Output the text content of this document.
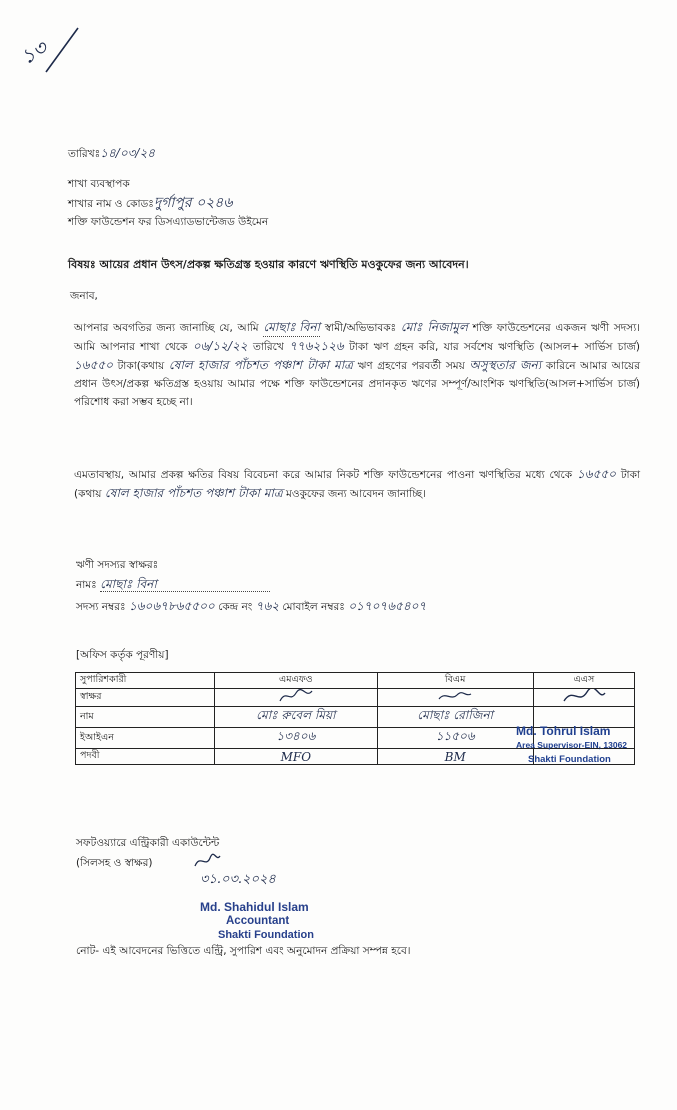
১৩
তারিখঃ১৪/০৩/২৪
শাখা ব্যবস্থাপক
শাখার নাম ও কোডঃদুর্গাপুর ০২৪৬
শক্তি ফাউন্ডেশন ফর ডিসএ্যাডভান্টেজড উইমেন
বিষয়ঃ আয়ের প্রধান উৎস/প্রকল্প ক্ষতিগ্রস্ত হওয়ার কারণে ঋণস্থিতি মওকুফের জন্য আবেদন।
জনাব,
আপনার অবগতির জন্য জানাচ্ছি যে, আমি মোছাঃ বিনা স্বামী/অভিভাবকঃ মোঃ নিজামুল শক্তি ফাউন্ডেশনের একজন ঋণী সদস্য। আমি আপনার শাখা থেকে ০৬/১২/২২ তারিখে ৭৭৬২১২৬ টাকা ঋণ গ্রহন করি, যার সর্বশেষ ঋণস্থিতি (আসল+ সার্ভিস চার্জ) ১৬৫৫০ টাকা(কথায় ষোল হাজার পাঁচশত পঞ্চাশ টাকা মাত্র ঋণ গ্রহণের পরবর্তী সময় অসুস্থতার জন্য কারিনে আমার আয়ের প্রধান উৎস/প্রকল্প ক্ষতিগ্রস্ত হওয়ায় আমার পক্ষে শক্তি ফাউন্ডেশনের প্রদানকৃত ঋণের সম্পূর্ণ/আংশিক ঋণস্থিতি(আসল+সার্ভিস চার্জ) পরিশোধ করা সম্ভব হচ্ছে না।
এমতাবস্থায়, আমার প্রকল্প ক্ষতির বিষয় বিবেচনা করে আমার নিকট শক্তি ফাউন্ডেশনের পাওনা ঋণস্থিতির মধ্যে থেকে ১৬৫৫০ টাকা (কথায় ষোল হাজার পাঁচশত পঞ্চাশ টাকা মাত্র মওকুফের জন্য আবেদন জানাচ্ছি।
ঋণী সদস্যর স্বাক্ষরঃ
নামঃ মোছাঃ বিনা
সদস্য নম্বরঃ ১৬০৬৭৮৬৫৫০০ কেন্দ্র নং ৭৬২ মোবাইল নম্বরঃ ০১৭০৭৬৫৪০৭
[অফিস কর্তৃক পূরণীয়]
সুপারিশকারী	এমএফও	বিএম	এএস
স্বাক্ষর			
নাম	মোঃ রুবেল মিয়া	মোছাঃ রোজিনা	
ইআইএন	১৩৪০৬	১১৫০৬	
পদবী	MFO	BM	
Md. Tohrul Islam
Area Supervisor-EIN, 13062
Shakti Foundation
সফটওয়্যারে এন্ট্রিকারী একাউন্টেন্ট
(সিলসহ ও স্বাক্ষর)
৩১.০৩.২০২৪
Md. Shahidul Islam
Accountant
Shakti Foundation
নোট- এই আবেদনের ভিত্তিতে এন্ট্রি, সুপারিশ এবং অনুমোদন প্রক্রিয়া সম্পন্ন হবে।
